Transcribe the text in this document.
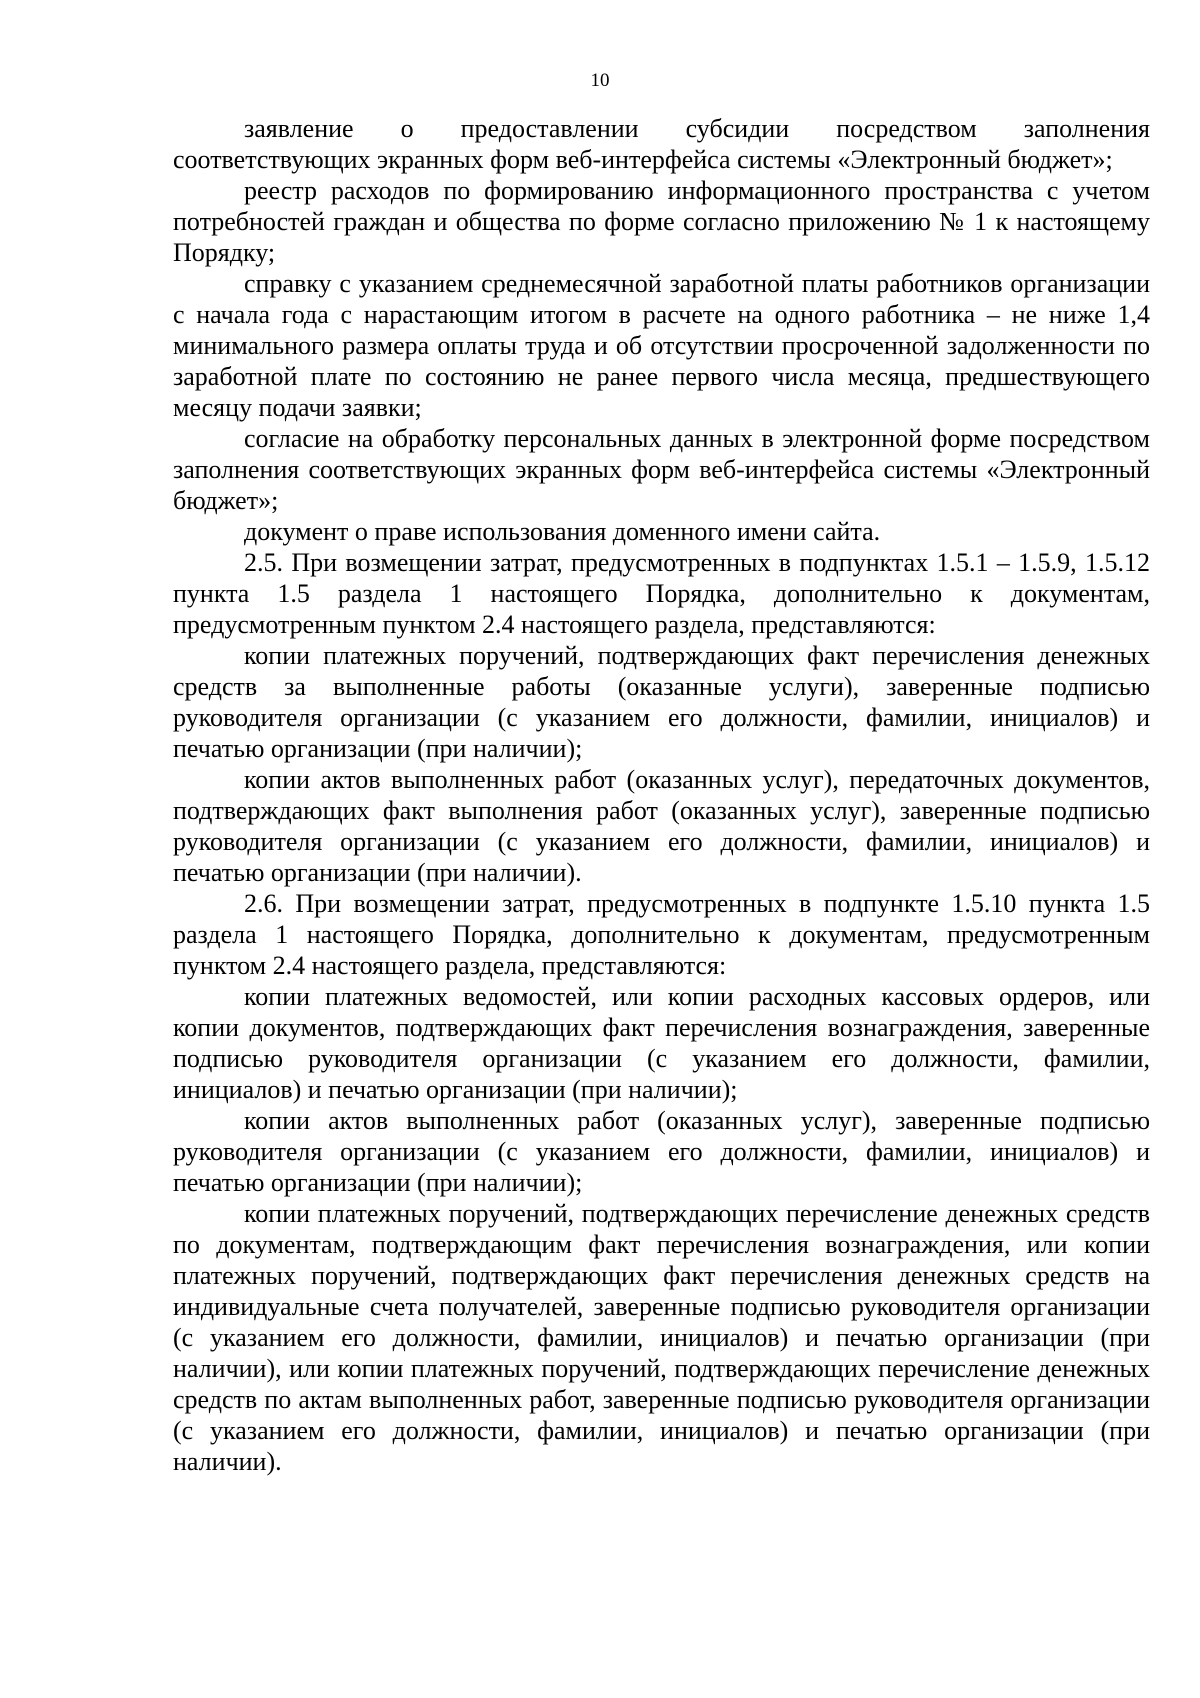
10

заявление о предоставлении субсидии посредством заполнения соответствующих экранных форм веб-интерфейса системы «Электронный бюджет»;

реестр расходов по формированию информационного пространства с учетом потребностей граждан и общества по форме согласно приложению № 1 к настоящему Порядку;

справку с указанием среднемесячной заработной платы работников организации с начала года с нарастающим итогом в расчете на одного работника – не ниже 1,4 минимального размера оплаты труда и об отсутствии просроченной задолженности по заработной плате по состоянию не ранее первого числа месяца, предшествующего месяцу подачи заявки;

согласие на обработку персональных данных в электронной форме посредством заполнения соответствующих экранных форм веб-интерфейса системы «Электронный бюджет»;

документ о праве использования доменного имени сайта.

2.5. При возмещении затрат, предусмотренных в подпунктах 1.5.1 – 1.5.9, 1.5.12 пункта 1.5 раздела 1 настоящего Порядка, дополнительно к документам, предусмотренным пунктом 2.4 настоящего раздела, представляются:

копии платежных поручений, подтверждающих факт перечисления денежных средств за выполненные работы (оказанные услуги), заверенные подписью руководителя организации (с указанием его должности, фамилии, инициалов) и печатью организации (при наличии);

копии актов выполненных работ (оказанных услуг), передаточных документов, подтверждающих факт выполнения работ (оказанных услуг), заверенные подписью руководителя организации (с указанием его должности, фамилии, инициалов) и печатью организации (при наличии).

2.6. При возмещении затрат, предусмотренных в подпункте 1.5.10 пункта 1.5 раздела 1 настоящего Порядка, дополнительно к документам, предусмотренным пунктом 2.4 настоящего раздела, представляются:

копии платежных ведомостей, или копии расходных кассовых ордеров, или копии документов, подтверждающих факт перечисления вознаграждения, заверенные подписью руководителя организации (с указанием его должности, фамилии, инициалов) и печатью организации (при наличии);

копии актов выполненных работ (оказанных услуг), заверенные подписью руководителя организации (с указанием его должности, фамилии, инициалов) и печатью организации (при наличии);

копии платежных поручений, подтверждающих перечисление денежных средств по документам, подтверждающим факт перечисления вознаграждения, или копии платежных поручений, подтверждающих факт перечисления денежных средств на индивидуальные счета получателей, заверенные подписью руководителя организации (с указанием его должности, фамилии, инициалов) и печатью организации (при наличии), или копии платежных поручений, подтверждающих перечисление денежных средств по актам выполненных работ, заверенные подписью руководителя организации (с указанием его должности, фамилии, инициалов) и печатью организации (при наличии).
